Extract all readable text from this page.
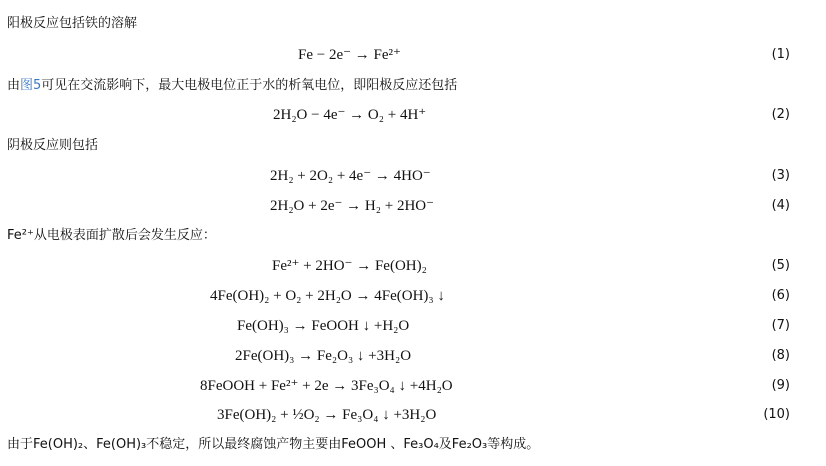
阳极反应包括铁的溶解
Fe − 2e⁻ → Fe²⁺	(1)
由图5可见在交流影响下，最大电极电位正于水的析氧电位，即阳极反应还包括
2H₂O − 4e⁻ → O₂ + 4H⁺	(2)
阴极反应则包括
2H₂ + 2O₂ + 4e⁻ → 4HO⁻	(3)
2H₂O + 2e⁻ → H₂ + 2HO⁻	(4)
Fe²⁺从电极表面扩散后会发生反应：
Fe²⁺ + 2HO⁻ → Fe(OH)₂	(5)
4Fe(OH)₂ + O₂ + 2H₂O → 4Fe(OH)₃ ↓	(6)
Fe(OH)₃ → FeOOH ↓ +H₂O	(7)
2Fe(OH)₃ → Fe₂O₃ ↓ +3H₂O	(8)
8FeOOH + Fe²⁺ + 2e → 3Fe₃O₄ ↓ +4H₂O	(9)
3Fe(OH)₂ + ½O₂ → Fe₃O₄ ↓ +3H₂O	(10)
由于Fe(OH)₂、Fe(OH)₃不稳定，所以最终腐蚀产物主要由FeOOH 、Fe₃O₄及Fe₂O₃等构成。
